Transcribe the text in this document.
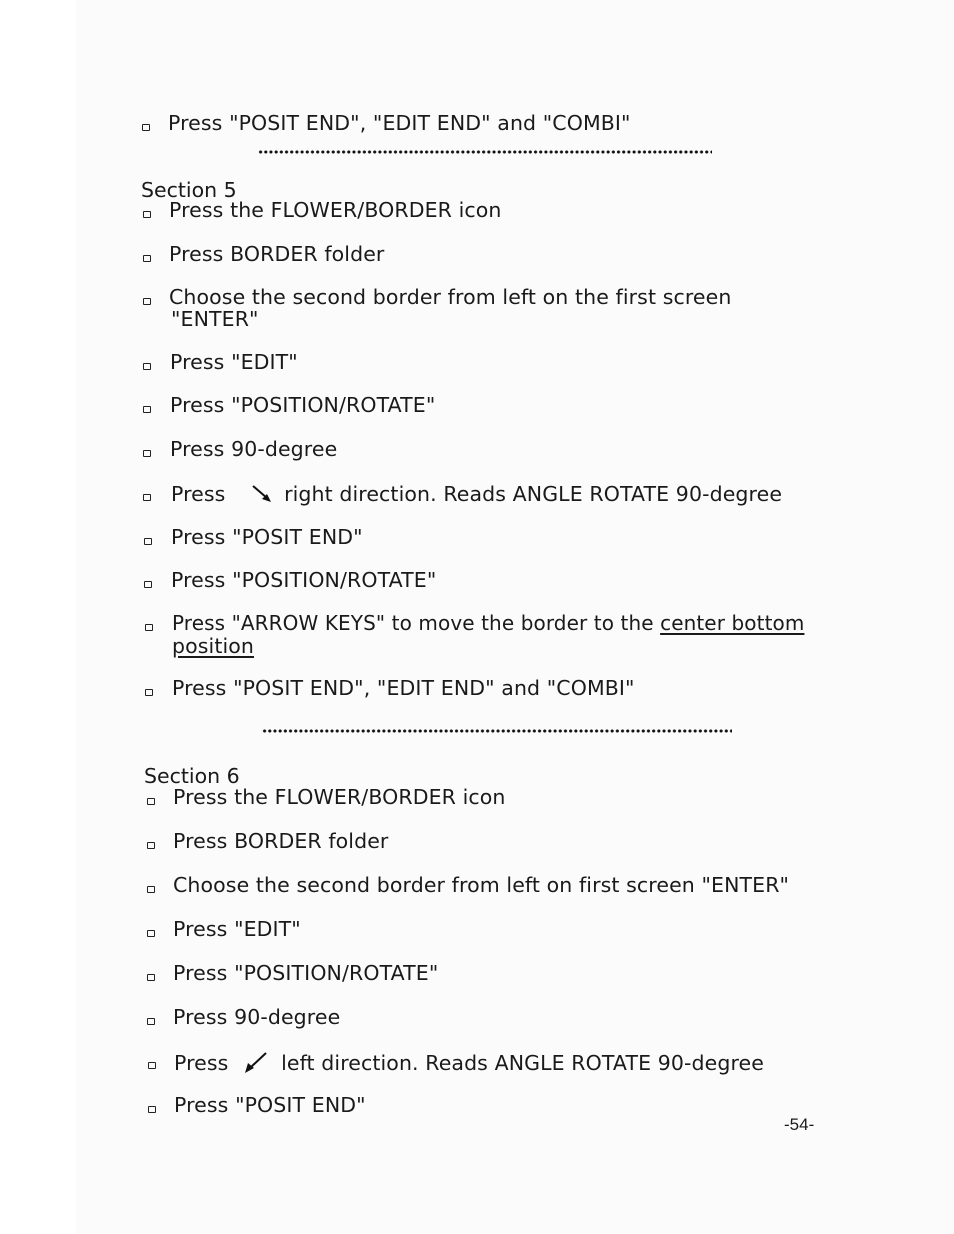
Press "POSIT END", "EDIT END" and "COMBI"
Section 5
Press the FLOWER/BORDER icon
Press BORDER folder
Choose the second border from left on the first screen
"ENTER"
Press "EDIT"
Press "POSITION/ROTATE"
Press 90-degree
Press	right direction. Reads ANGLE ROTATE 90-degree
Press "POSIT END"
Press "POSITION/ROTATE"
Press "ARROW KEYS" to move the border to the center bottom
position
Press "POSIT END", "EDIT END" and "COMBI"
Section 6
Press the FLOWER/BORDER icon
Press BORDER folder
Choose the second border from left on first screen "ENTER"
Press "EDIT"
Press "POSITION/ROTATE"
Press 90-degree
Press	left direction. Reads ANGLE ROTATE 90-degree
Press "POSIT END"
-54-
